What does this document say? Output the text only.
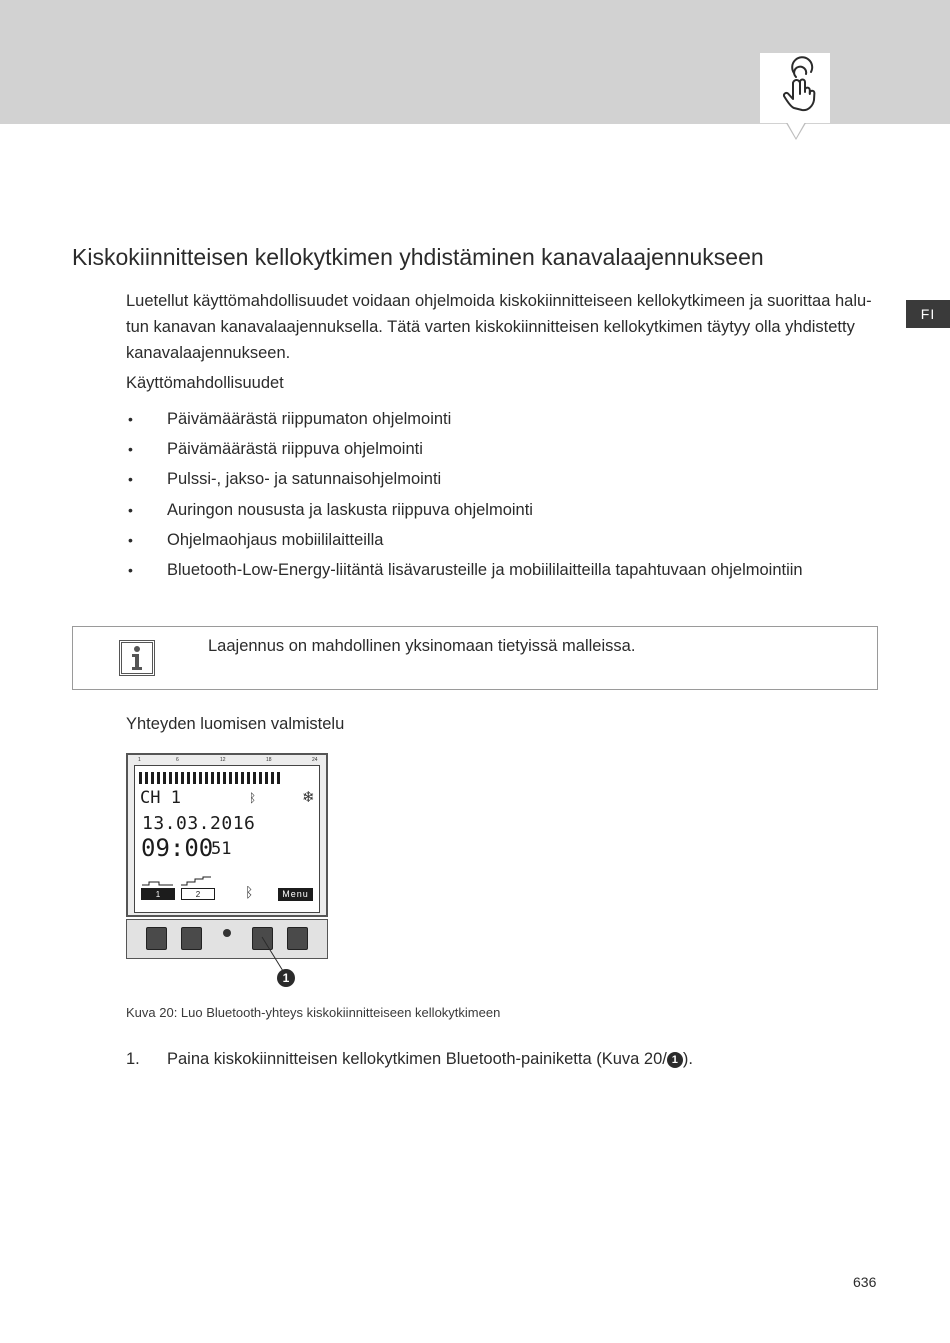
FI
Kiskokiinnitteisen kellokytkimen yhdistäminen kanavalaajennukseen
Luetellut käyttömahdollisuudet voidaan ohjelmoida kiskokiinnitteiseen kellokytkimeen ja suorittaa halu-
tun kanavan kanavalaajennuksella. Tätä varten kiskokiinnitteisen kellokytkimen täytyy olla yhdistetty
kanavalaajennukseen.
Käyttömahdollisuudet
•	Päivämäärästä riippumaton ohjelmointi
•	Päivämäärästä riippuva ohjelmointi
•	Pulssi-, jakso- ja satunnaisohjelmointi
•	Auringon noususta ja laskusta riippuva ohjelmointi
•	Ohjelmaohjaus mobiililaitteilla
•	Bluetooth-Low-Energy-liitäntä lisävarusteille ja mobiililaitteilla tapahtuvaan ohjelmointiin
Laajennus on mahdollinen yksinomaan tietyissä malleissa.
Yhteyden luomisen valmistelu
1	6	12	18	24
CH 1	ᛒ	❄
13.03.2016
09:00
51
1	2	ᛒ	Menu
1
Kuva 20: Luo Bluetooth-yhteys kiskokiinnitteiseen kellokytkimeen
1.	Paina kiskokiinnitteisen kellokytkimen Bluetooth-painiketta (Kuva 20/ 1 ).
636
